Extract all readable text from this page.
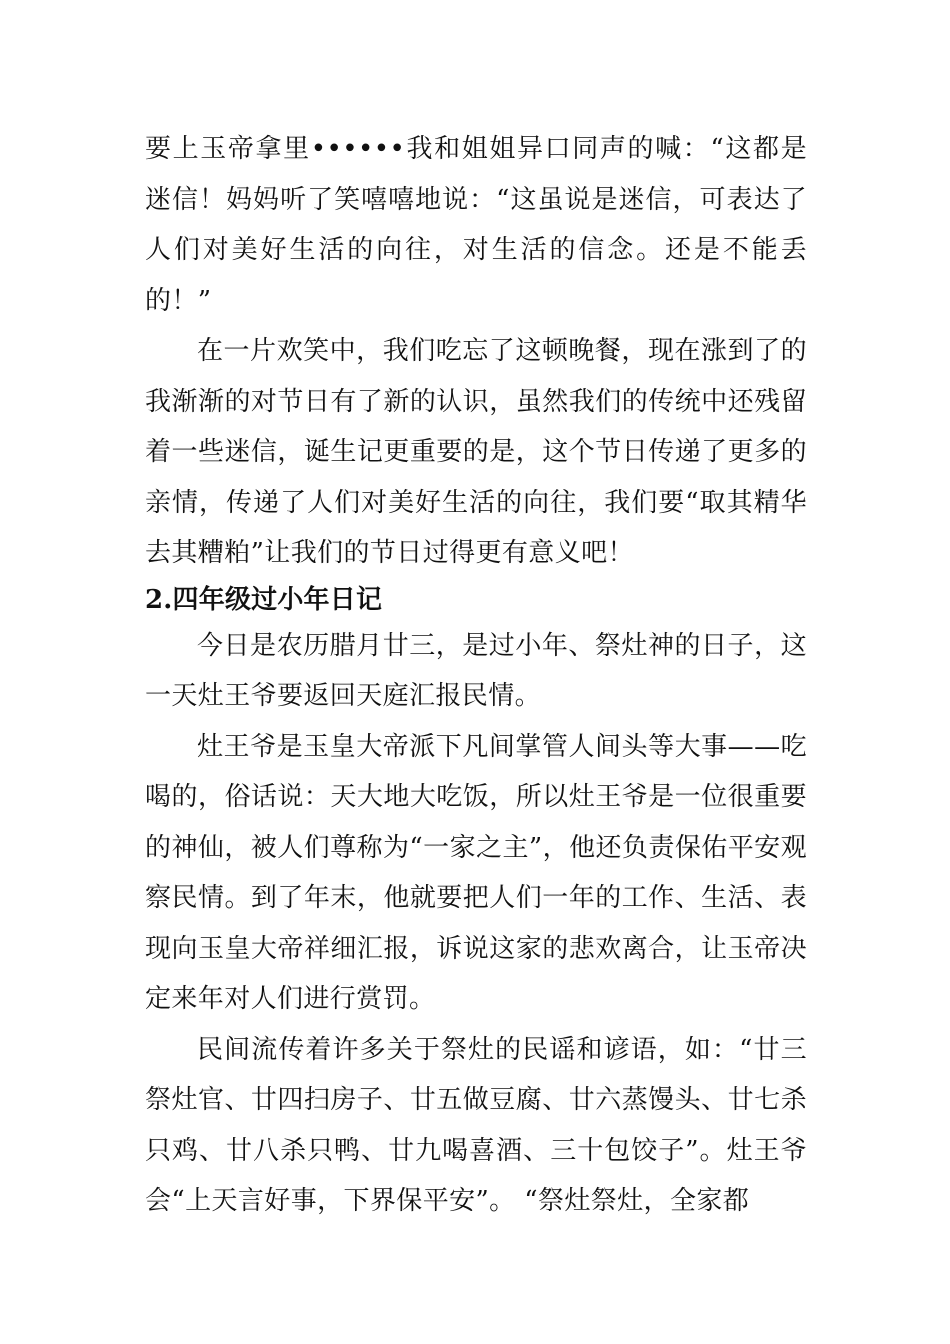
要上玉帝拿里••••••我和姐姐异口同声的喊：“这都是迷信！妈妈听了笑嘻嘻地说：“这虽说是迷信，可表达了人们对美好生活的向往，对生活的信念。还是不能丢的！”

在一片欢笑中，我们吃忘了这顿晚餐，现在涨到了的我渐渐的对节日有了新的认识，虽然我们的传统中还残留着一些迷信，诞生记更重要的是，这个节日传递了更多的亲情，传递了人们对美好生活的向往，我们要“取其精华去其糟粕”让我们的节日过得更有意义吧！

2.四年级过小年日记

今日是农历腊月廿三，是过小年、祭灶神的日子，这一天灶王爷要返回天庭汇报民情。

灶王爷是玉皇大帝派下凡间掌管人间头等大事——吃喝的，俗话说：天大地大吃饭，所以灶王爷是一位很重要的神仙，被人们尊称为“一家之主”，他还负责保佑平安观察民情。到了年末，他就要把人们一年的工作、生活、表现向玉皇大帝祥细汇报，诉说这家的悲欢离合，让玉帝决定来年对人们进行赏罚。

民间流传着许多关于祭灶的民谣和谚语，如：“廿三祭灶官、廿四扫房子、廿五做豆腐、廿六蒸馒头、廿七杀只鸡、廿八杀只鸭、廿九喝喜酒、三十包饺子”。灶王爷会“上天言好事，下界保平安”。 “祭灶祭灶，全家都
